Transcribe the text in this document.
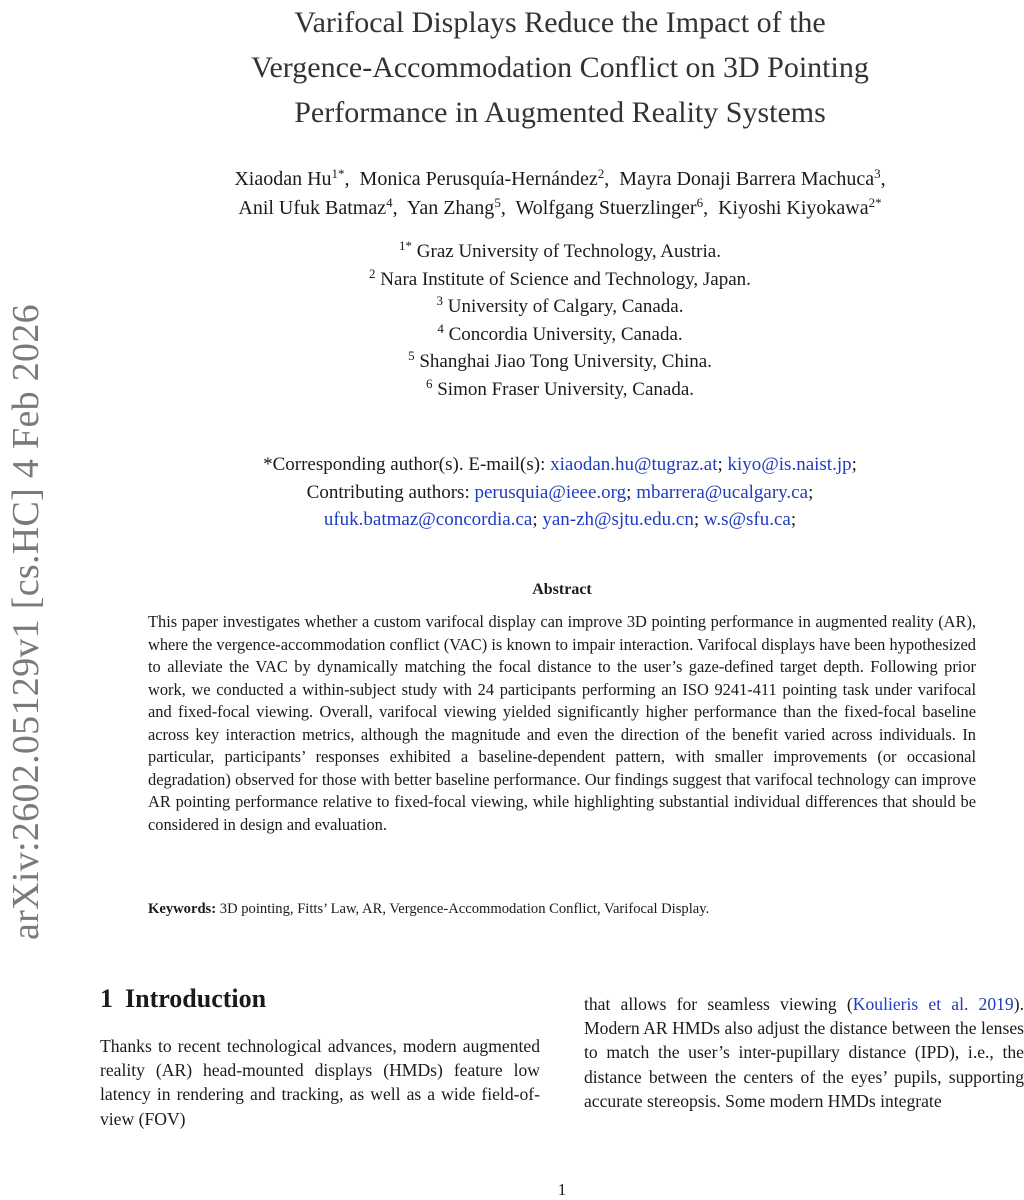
arXiv:2602.05129v1 [cs.HC] 4 Feb 2026
Varifocal Displays Reduce the Impact of the
Vergence-Accommodation Conflict on 3D Pointing
Performance in Augmented Reality Systems
Xiaodan $Hu^{1*}$,  Monica Perusquía-Hernández$^2$,  Mayra Donaji Barrera Machuca$^3$,
Anil Ufuk Batmaz$^4$,  Yan Zhang$^5$,  Wolfgang Stuerzlinger$^6$,  Kiyoshi Kiyokawa$^{2*}$
$^{1*}$ Graz University of Technology, Austria.
$^2$ Nara Institute of Science and Technology, Japan.
$^3$ University of Calgary, Canada.
$^4$ Concordia University, Canada.
$^5$ Shanghai Jiao Tong University, China.
$^6$ Simon Fraser University, Canada.
*Corresponding author(s). E-mail(s): xiaodan.hu@tugraz.at; kiyo@is.naist.jp;
Contributing authors: perusquia@ieee.org; mbarrera@ucalgary.ca;
ufuk.batmaz@concordia.ca; yan-zh@sjtu.edu.cn; w.s@sfu.ca;
Abstract
This paper investigates whether a custom varifocal display can improve 3D pointing performance in augmented reality (AR), where the vergence-accommodation conflict (VAC) is known to impair interaction. Varifocal displays have been hypothesized to alleviate the VAC by dynamically matching the focal distance to the user’s gaze-defined target depth. Following prior work, we conducted a within-subject study with 24 participants performing an ISO 9241-411 pointing task under varifocal and fixed-focal viewing. Overall, varifocal viewing yielded significantly higher performance than the fixed-focal baseline across key interaction metrics, although the magnitude and even the direction of the benefit varied across individuals. In particular, participants’ responses exhibited a baseline-dependent pattern, with smaller improvements (or occasional degradation) observed for those with better baseline performance. Our findings suggest that varifocal technology can improve AR pointing performance relative to fixed-focal viewing, while highlighting substantial individual differences that should be considered in design and evaluation.
Keywords: 3D pointing, Fitts’ Law, AR, Vergence-Accommodation Conflict, Varifocal Display.
1 Introduction
Thanks to recent technological advances, modern augmented reality (AR) head-mounted displays (HMDs) feature low latency in rendering and tracking, as well as a wide field-of-view (FOV)
that allows for seamless viewing (Koulieris et al. 2019). Modern AR HMDs also adjust the distance between the lenses to match the user’s inter-pupillary distance (IPD), i.e., the distance between the centers of the eyes’ pupils, supporting accurate stereopsis. Some modern HMDs integrate
1
